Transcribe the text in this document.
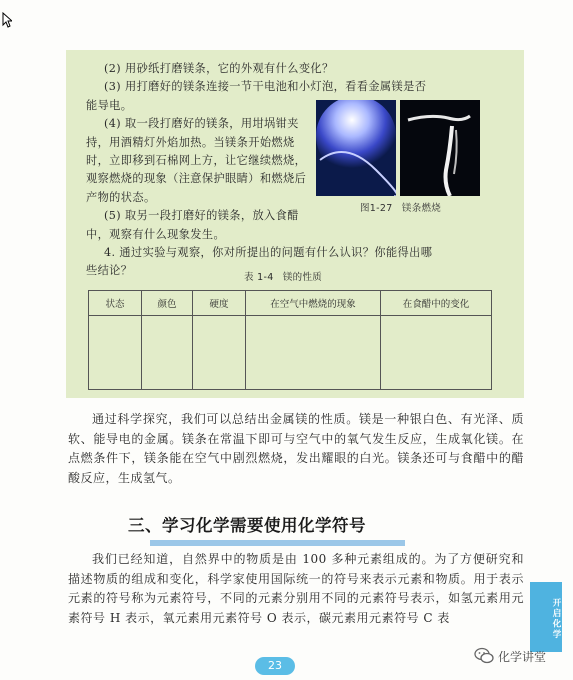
(2) 用砂纸打磨镁条，它的外观有什么变化？
(3) 用打磨好的镁条连接一节干电池和小灯泡，看看金属镁是否
能导电。
(4) 取一段打磨好的镁条，用坩埚钳夹持，用酒精灯外焰加热。当镁条开始燃烧时，立即移到石棉网上方，让它继续燃烧，观察燃烧的现象（注意保护眼睛）和燃烧后产物的状态。
(5) 取另一段打磨好的镁条，放入食醋中，观察有什么现象发生。
4. 通过实验与观察，你对所提出的问题有什么认识？你能得出哪
些结论？
图1-27 镁条燃烧
表 1-4 镁的性质
状态	颜色	硬度	在空气中燃烧的现象	在食醋中的变化

通过科学探究，我们可以总结出金属镁的性质。镁是一种银白色、有光泽、质软、能导电的金属。镁条在常温下即可与空气中的氧气发生反应，生成氧化镁。在点燃条件下，镁条能在空气中剧烈燃烧，发出耀眼的白光。镁条还可与食醋中的醋酸反应，生成氢气。

三、学习化学需要使用化学符号

我们已经知道，自然界中的物质是由 100 多种元素组成的。为了方便研究和描述物质的组成和变化，科学家使用国际统一的符号来表示元素和物质。用于表示元素的符号称为元素符号，不同的元素分别用不同的元素符号表示，如氢元素用元素符号 H 表示，氧元素用元素符号 O 表示，碳元素用元素符号 C 表	开启化学
23
化学讲堂
